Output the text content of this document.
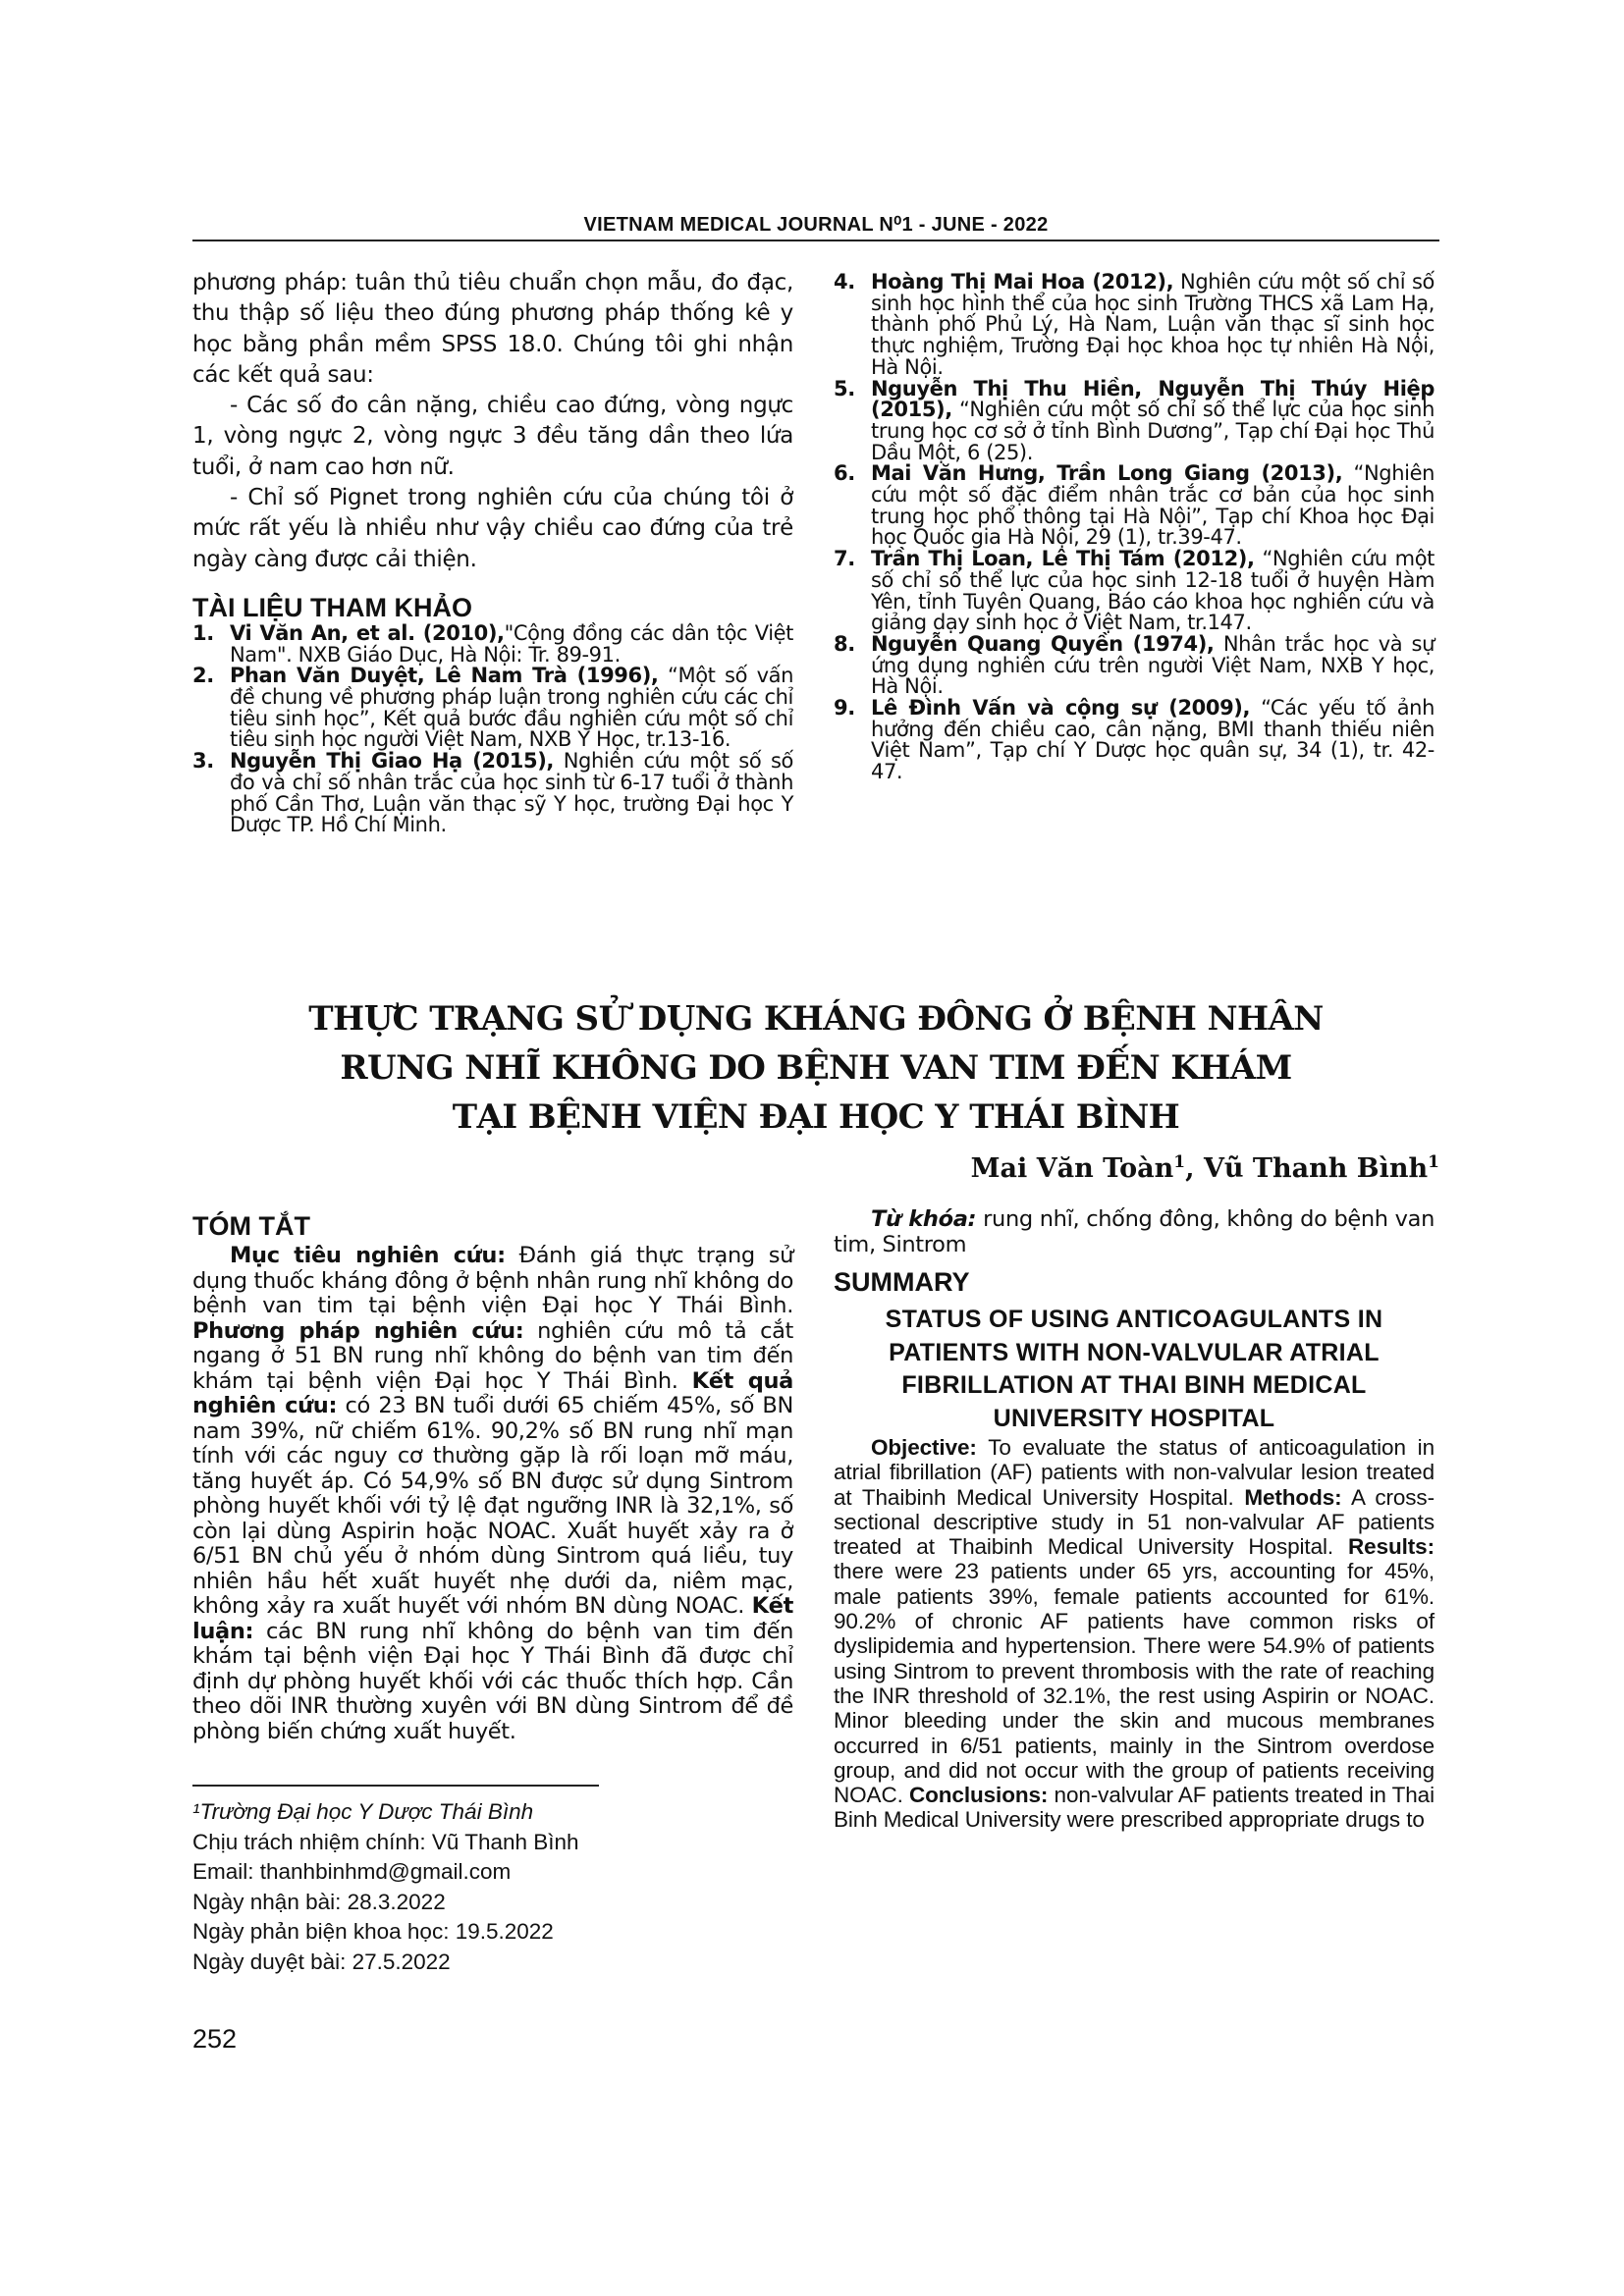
VIETNAM MEDICAL JOURNAL N⁰1 - JUNE - 2022

phương pháp: tuân thủ tiêu chuẩn chọn mẫu, đo đạc, thu thập số liệu theo đúng phương pháp thống kê y học bằng phần mềm SPSS 18.0. Chúng tôi ghi nhận các kết quả sau:

- Các số đo cân nặng, chiều cao đứng, vòng ngực 1, vòng ngực 2, vòng ngực 3 đều tăng dần theo lứa tuổi, ở nam cao hơn nữ.

- Chỉ số Pignet trong nghiên cứu của chúng tôi ở mức rất yếu là nhiều như vậy chiều cao đứng của trẻ ngày càng được cải thiện.

TÀI LIỆU THAM KHẢO

1. Vi Văn An, et al. (2010),"Cộng đồng các dân tộc Việt Nam". NXB Giáo Dục, Hà Nội: Tr. 89-91.
2. Phan Văn Duyệt, Lê Nam Trà (1996), “Một số vấn đề chung về phương pháp luận trong nghiên cứu các chỉ tiêu sinh học”, Kết quả bước đầu nghiên cứu một số chỉ tiêu sinh học người Việt Nam, NXB Y Học, tr.13-16.
3. Nguyễn Thị Giao Hạ (2015), Nghiên cứu một số số đo và chỉ số nhân trắc của học sinh từ 6-17 tuổi ở thành phố Cần Thơ, Luận văn thạc sỹ Y học, trường Đại học Y Dược TP. Hồ Chí Minh.
4. Hoàng Thị Mai Hoa (2012), Nghiên cứu một số chỉ số sinh học hình thể của học sinh Trường THCS xã Lam Hạ, thành phố Phủ Lý, Hà Nam, Luận văn thạc sĩ sinh học thực nghiệm, Trường Đại học khoa học tự nhiên Hà Nội, Hà Nội.
5. Nguyễn Thị Thu Hiền, Nguyễn Thị Thúy Hiệp (2015), “Nghiên cứu một số chỉ số thể lực của học sinh trung học cơ sở ở tỉnh Bình Dương”, Tạp chí Đại học Thủ Dầu Một, 6 (25).
6. Mai Văn Hưng, Trần Long Giang (2013), “Nghiên cứu một số đặc điểm nhân trắc cơ bản của học sinh trung học phổ thông tại Hà Nội”, Tạp chí Khoa học Đại học Quốc gia Hà Nội, 29 (1), tr.39-47.
7. Trần Thị Loan, Lê Thị Tám (2012), “Nghiên cứu một số chỉ số thể lực của học sinh 12-18 tuổi ở huyện Hàm Yên, tỉnh Tuyên Quang, Báo cáo khoa học nghiên cứu và giảng dạy sinh học ở Việt Nam, tr.147.
8. Nguyễn Quang Quyền (1974), Nhân trắc học và sự ứng dụng nghiên cứu trên người Việt Nam, NXB Y học, Hà Nội.
9. Lê Đình Vấn và cộng sự (2009), “Các yếu tố ảnh hưởng đến chiều cao, cân nặng, BMI thanh thiếu niên Việt Nam”, Tạp chí Y Dược học quân sự, 34 (1), tr. 42-47.
THỰC TRẠNG SỬ DỤNG KHÁNG ĐÔNG Ở BỆNH NHÂN
RUNG NHĨ KHÔNG DO BỆNH VAN TIM ĐẾN KHÁM
TẠI BỆNH VIỆN ĐẠI HỌC Y THÁI BÌNH
Mai Văn Toàn$^1$, Vũ Thanh Bình$^1$

TÓM TẮT

Mục tiêu nghiên cứu: Đánh giá thực trạng sử dụng thuốc kháng đông ở bệnh nhân rung nhĩ không do bệnh van tim tại bệnh viện Đại học Y Thái Bình. Phương pháp nghiên cứu: nghiên cứu mô tả cắt ngang ở 51 BN rung nhĩ không do bệnh van tim đến khám tại bệnh viện Đại học Y Thái Bình. Kết quả nghiên cứu: có 23 BN tuổi dưới 65 chiếm 45%, số BN nam 39%, nữ chiếm 61%. 90,2% số BN rung nhĩ mạn tính với các nguy cơ thường gặp là rối loạn mỡ máu, tăng huyết áp. Có 54,9% số BN được sử dụng Sintrom phòng huyết khối với tỷ lệ đạt ngưỡng INR là 32,1%, số còn lại dùng Aspirin hoặc NOAC. Xuất huyết xảy ra ở 6/51 BN chủ yếu ở nhóm dùng Sintrom quá liều, tuy nhiên hầu hết xuất huyết nhẹ dưới da, niêm mạc, không xảy ra xuất huyết với nhóm BN dùng NOAC. Kết luận: các BN rung nhĩ không do bệnh van tim đến khám tại bệnh viện Đại học Y Thái Bình đã được chỉ định dự phòng huyết khối với các thuốc thích hợp. Cần theo dõi INR thường xuyên với BN dùng Sintrom để đề phòng biến chứng xuất huyết.

Từ khóa: rung nhĩ, chống đông, không do bệnh van tim, Sintrom

SUMMARY

STATUS OF USING ANTICOAGULANTS IN PATIENTS WITH NON-VALVULAR ATRIAL FIBRILLATION AT THAI BINH MEDICAL UNIVERSITY HOSPITAL

Objective: To evaluate the status of anticoagulation in atrial fibrillation (AF) patients with non-valvular lesion treated at Thaibinh Medical University Hospital. Methods: A cross-sectional descriptive study in 51 non-valvular AF patients treated at Thaibinh Medical University Hospital. Results: there were 23 patients under 65 yrs, accounting for 45%, male patients 39%, female patients accounted for 61%. 90.2% of chronic AF patients have common risks of dyslipidemia and hypertension. There were 54.9% of patients using Sintrom to prevent thrombosis with the rate of reaching the INR threshold of 32.1%, the rest using Aspirin or NOAC. Minor bleeding under the skin and mucous membranes occurred in 6/51 patients, mainly in the Sintrom overdose group, and did not occur with the group of patients receiving NOAC. Conclusions: non-valvular AF patients treated in Thai Binh Medical University were prescribed appropriate drugs to

¹Trường Đại học Y Dược Thái Bình
Chịu trách nhiệm chính: Vũ Thanh Bình
Email: thanhbinhmd@gmail.com
Ngày nhận bài: 28.3.2022
Ngày phản biện khoa học: 19.5.2022
Ngày duyệt bài: 27.5.2022
252
